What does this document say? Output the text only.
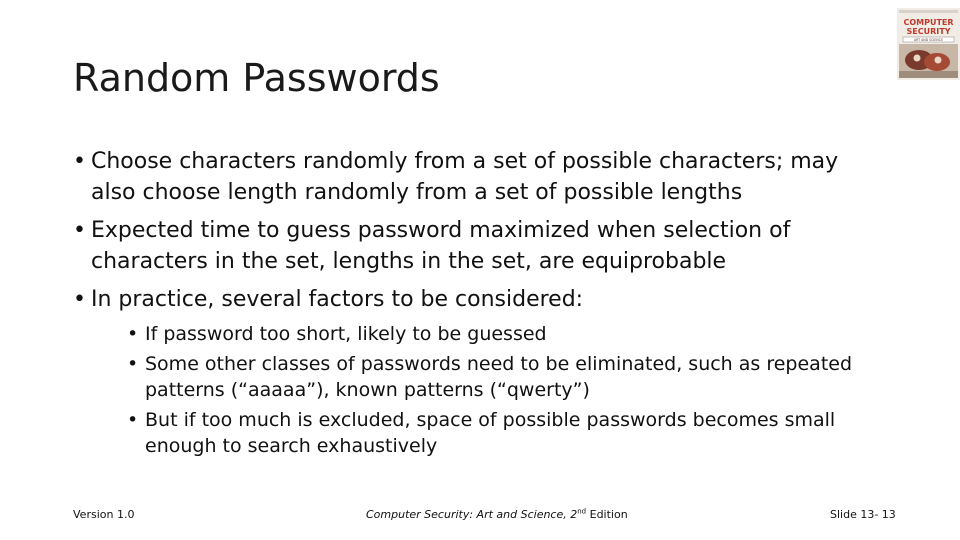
Random Passwords
COMPUTER
SECURITY
ART AND SCIENCE
• Choose characters randomly from a set of possible characters; may also choose length randomly from a set of possible lengths
• Expected time to guess password maximized when selection of characters in the set, lengths in the set, are equiprobable
• In practice, several factors to be considered:
• If password too short, likely to be guessed
• Some other classes of passwords need to be eliminated, such as repeated patterns (“aaaaa”), known patterns (“qwerty”)
• But if too much is excluded, space of possible passwords becomes small enough to search exhaustively
Version 1.0	Computer Security: Art and Science, 2nd Edition	Slide 13- 13
